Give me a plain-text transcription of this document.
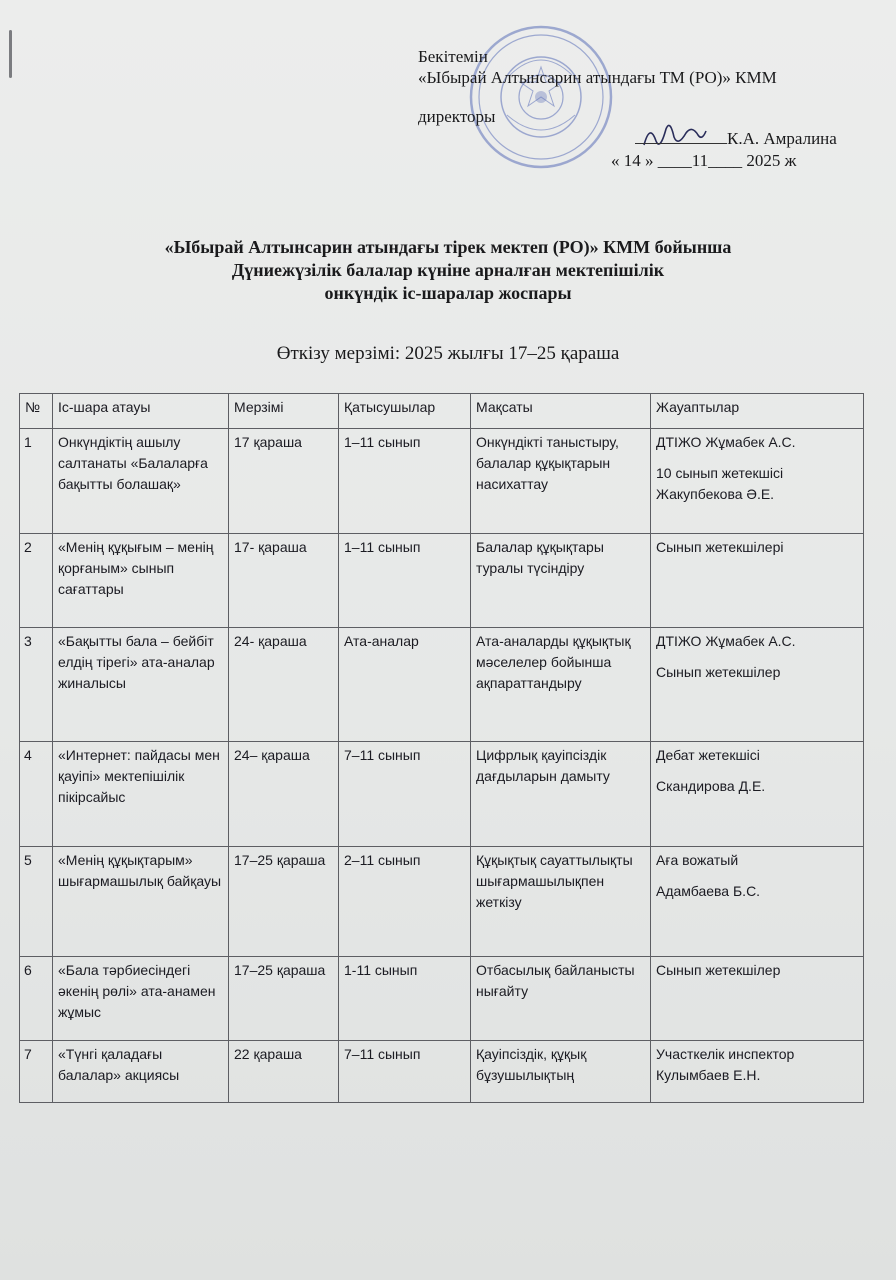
Бекітемін
«Ыбырай Алтынсарин атындағы ТМ (РО)» КММ
директоры
К.А. Амралина
« 14 » ____11____ 2025 ж
«Ыбырай Алтынсарин атындағы тірек мектеп (РО)» КММ бойынша
Дүниежүзілік балалар күніне арналған мектепішілік
онкүндік іс-шаралар жоспары
Өткізу мерзімі: 2025 жылғы 17–25 қараша
№	Іс-шара атауы	Мерзімі	Қатысушылар	Мақсаты	Жауаптылар
1	Онкүндіктің ашылу салтанаты «Балаларға бақытты болашақ»	17 қараша	1–11 сынып	Онкүндікті таныстыру, балалар құқықтарын насихаттау	ДТІЖО Жұмабек А.С.
10 сынып жетекшісі Жакупбекова Ә.Е.

2	«Менің құқығым – менің қорғаным» сынып сағаттары	17- қараша	1–11 сынып	Балалар құқықтары туралы түсіндіру	Сынып жетекшілері

3	«Бақытты бала – бейбіт елдің тірегі» ата-аналар жиналысы	24- қараша	Ата-аналар	Ата-аналарды құқықтық мәселелер бойынша ақпараттандыру	ДТІЖО Жұмабек А.С.
Сынып жетекшілер

4	«Интернет: пайдасы мен қауіпі» мектепішілік пікірсайыс	24– қараша	7–11 сынып	Цифрлық қауіпсіздік дағдыларын дамыту	Дебат жетекшісі
Скандирова Д.Е.

5	«Менің құқықтарым» шығармашылық байқауы	17–25 қараша	2–11 сынып	Құқықтық сауаттылықты шығармашылықпен жеткізу	Аға вожатый
Адамбаева Б.С.

6	«Бала тәрбиесіндегі әкенің рөлі» ата-анамен жұмыс	17–25 қараша	1-11 сынып	Отбасылық байланысты нығайту	Сынып жетекшілер

7	«Түнгі қаладағы балалар» акциясы	22 қараша	7–11 сынып	Қауіпсіздік, құқық бұзушылықтың	Участкелік инспектор Кулымбаев Е.Н.
